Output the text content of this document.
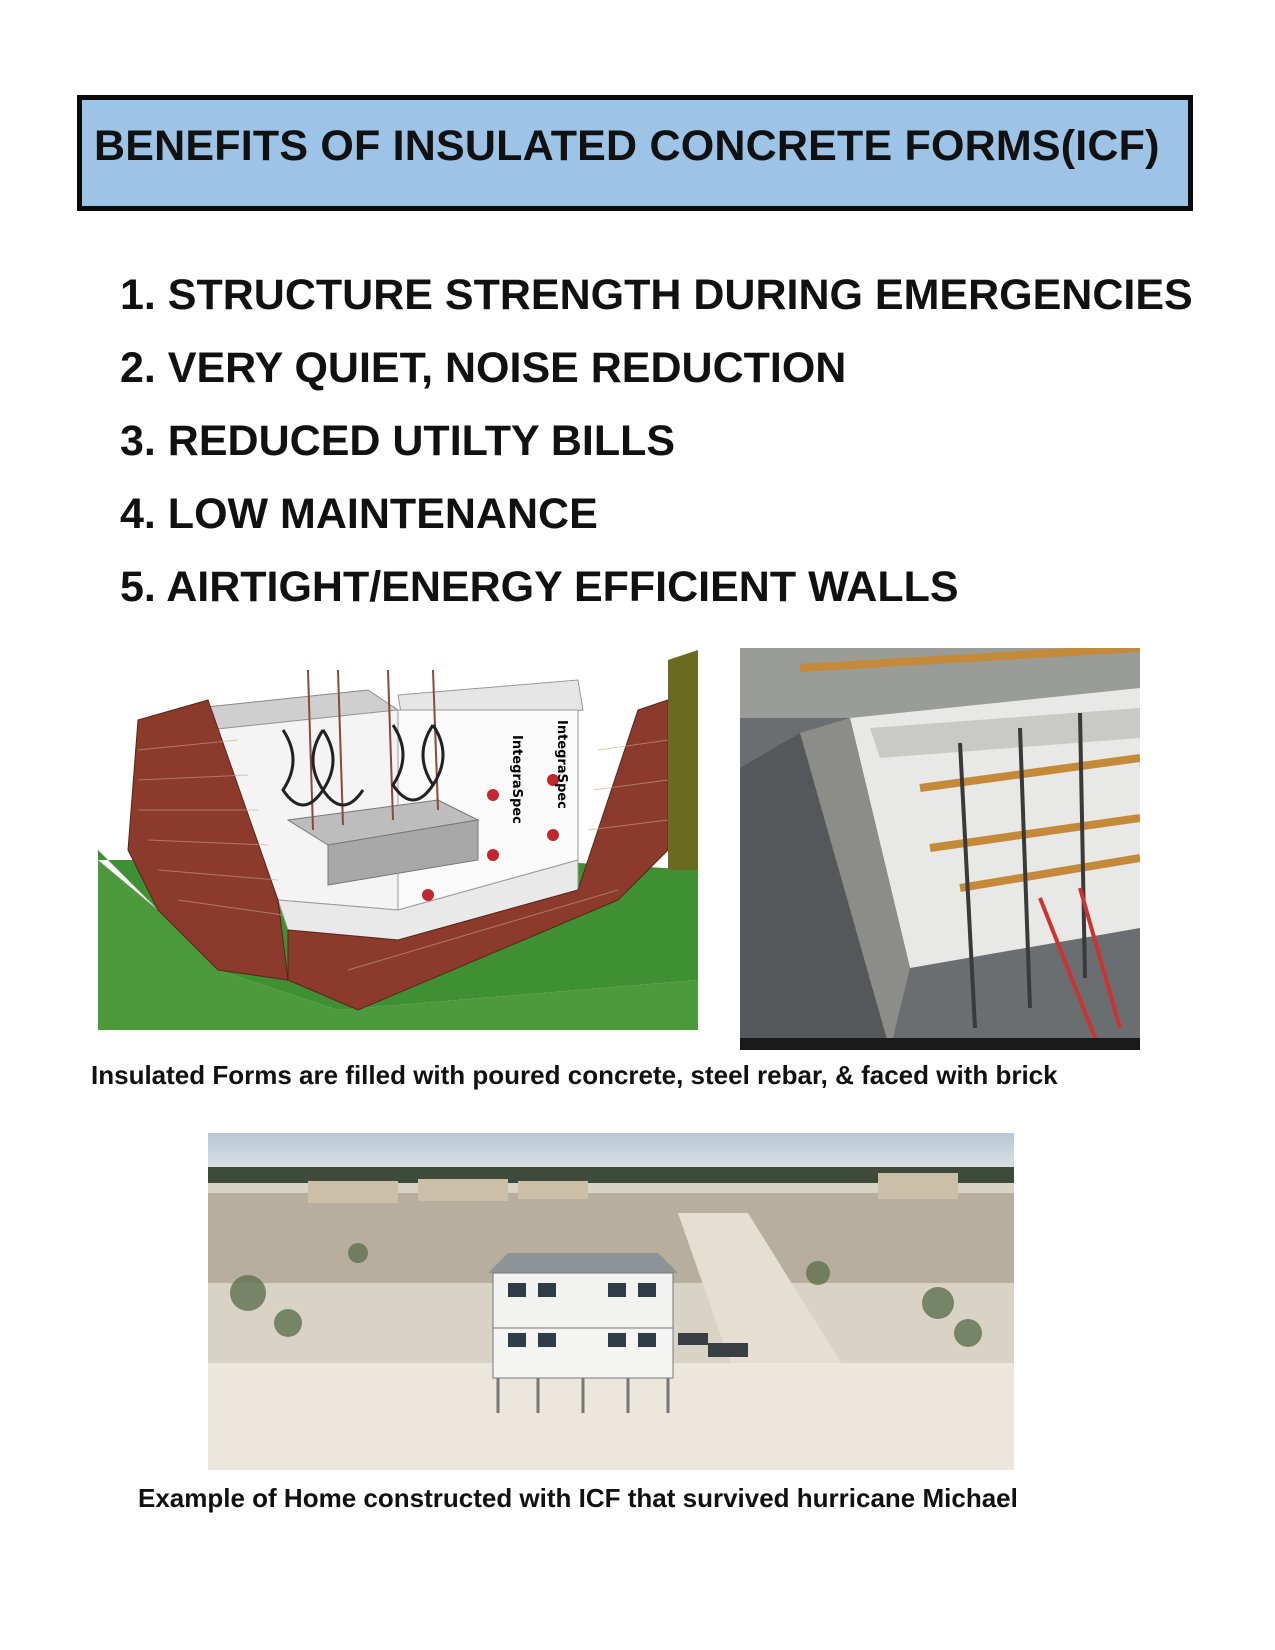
BENEFITS OF INSULATED CONCRETE FORMS(ICF)
1. STRUCTURE STRENGTH DURING EMERGENCIES
2. VERY QUIET, NOISE REDUCTION
3. REDUCED UTILTY BILLS
4. LOW MAINTENANCE
5. AIRTIGHT/ENERGY EFFICIENT WALLS
IntegraSpec IntegraSpec
Insulated Forms are filled with poured concrete, steel rebar, & faced with brick
Example of Home constructed with ICF that survived hurricane Michael
